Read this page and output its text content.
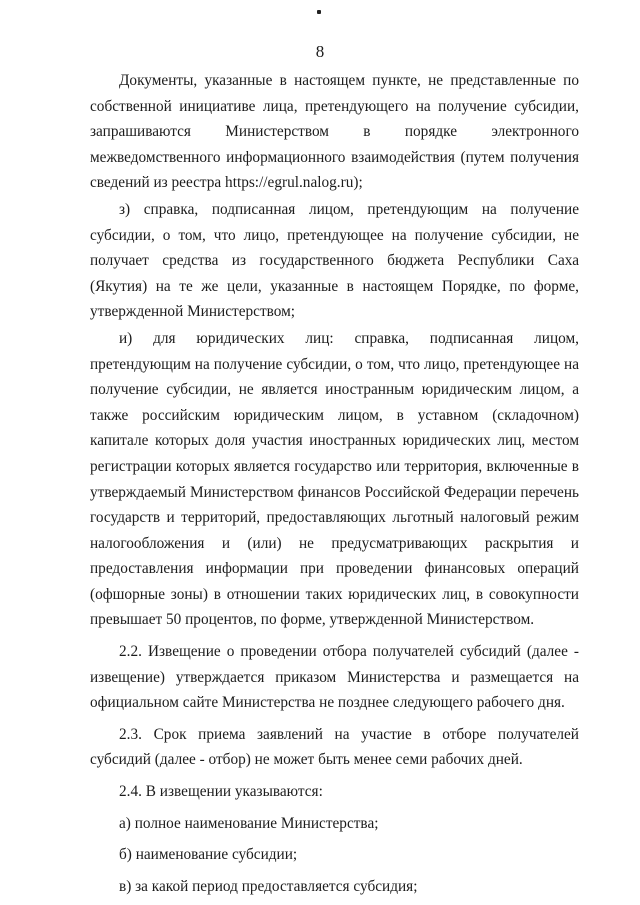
8

Документы, указанные в настоящем пункте, не представленные по собственной инициативе лица, претендующего на получение субсидии, запрашиваются Министерством в порядке электронного межведомственного информационного взаимодействия (путем получения сведений из реестра https://egrul.nalog.ru);

з) справка, подписанная лицом, претендующим на получение субсидии, о том, что лицо, претендующее на получение субсидии, не получает средства из государственного бюджета Республики Саха (Якутия) на те же цели, указанные в настоящем Порядке, по форме, утвержденной Министерством;

и) для юридических лиц: справка, подписанная лицом, претендующим на получение субсидии, о том, что лицо, претендующее на получение субсидии, не является иностранным юридическим лицом, а также российским юридическим лицом, в уставном (складочном) капитале которых доля участия иностранных юридических лиц, местом регистрации которых является государство или территория, включенные в утверждаемый Министерством финансов Российской Федерации перечень государств и территорий, предоставляющих льготный налоговый режим налогообложения и (или) не предусматривающих раскрытия и предоставления информации при проведении финансовых операций (офшорные зоны) в отношении таких юридических лиц, в совокупности превышает 50 процентов, по форме, утвержденной Министерством.

2.2. Извещение о проведении отбора получателей субсидий (далее - извещение) утверждается приказом Министерства и размещается на официальном сайте Министерства не позднее следующего рабочего дня.

2.3. Срок приема заявлений на участие в отборе получателей субсидий (далее - отбор) не может быть менее семи рабочих дней.

2.4. В извещении указываются:

а) полное наименование Министерства;

б) наименование субсидии;

в) за какой период предоставляется субсидия;
